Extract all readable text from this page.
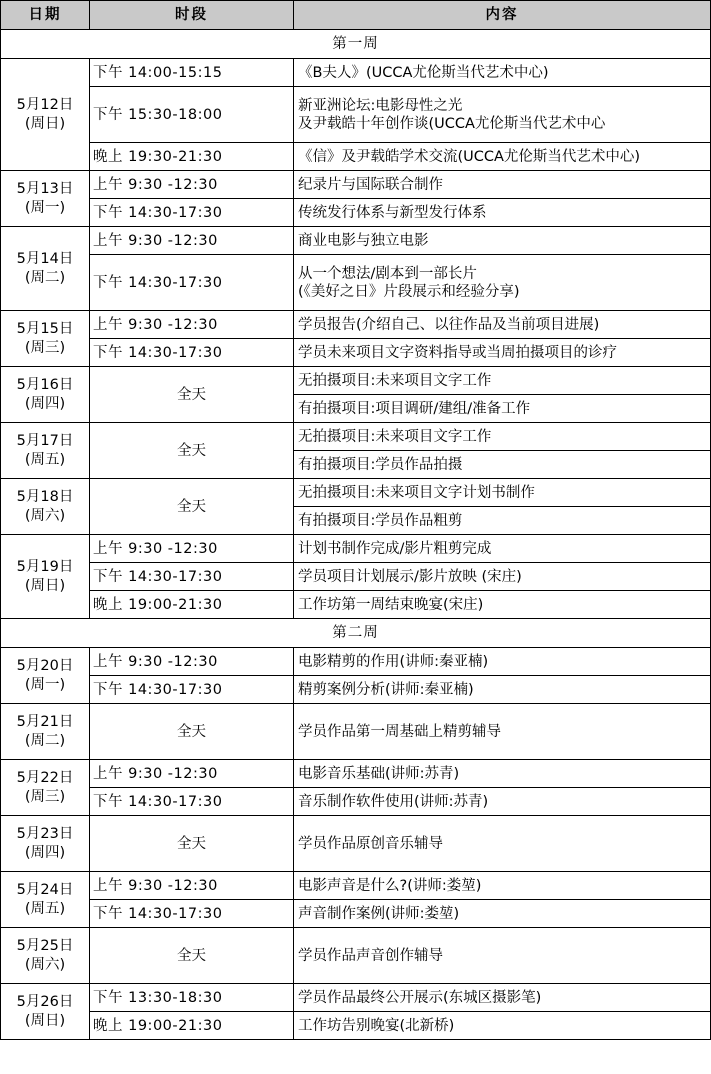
日期	时段	内容
第一周		

5月12日
(周日)	下午 14:00-15:15	《B夫人》(UCCA尤伦斯当代艺术中心)

	下午 15:30-18:00	新亚洲论坛:电影母性之光
及尹载皓十年创作谈(UCCA尤伦斯当代艺术中心

	晚上 19:30-21:30	《信》及尹载皓学术交流(UCCA尤伦斯当代艺术中心)

5月13日
(周一)	上午 9:30 -12:30	纪录片与国际联合制作

	下午 14:30-17:30	传统发行体系与新型发行体系

5月14日
(周二)	上午 9:30 -12:30	商业电影与独立电影

	下午 14:30-17:30	从一个想法/剧本到一部长片
(《美好之日》片段展示和经验分享)

5月15日
(周三)	上午 9:30 -12:30	学员报告(介绍自己、以往作品及当前项目进展)

	下午 14:30-17:30	学员未来项目文字资料指导或当周拍摄项目的诊疗

5月16日
(周四)	全天	无拍摄项目:未来项目文字工作

		有拍摄项目:项目调研/建组/准备工作

5月17日
(周五)	全天	无拍摄项目:未来项目文字工作

		有拍摄项目:学员作品拍摄

5月18日
(周六)	全天	无拍摄项目:未来项目文字计划书制作

		有拍摄项目:学员作品粗剪

5月19日
(周日)	上午 9:30 -12:30	计划书制作完成/影片粗剪完成

	下午 14:30-17:30	学员项目计划展示/影片放映 (宋庄)

	晚上 19:00-21:30	工作坊第一周结束晚宴(宋庄)

第二周		

5月20日
(周一)	上午 9:30 -12:30	电影精剪的作用(讲师:秦亚楠)

	下午 14:30-17:30	精剪案例分析(讲师:秦亚楠)

5月21日
(周二)	全天	学员作品第一周基础上精剪辅导

5月22日
(周三)	上午 9:30 -12:30	电影音乐基础(讲师:苏青)

	下午 14:30-17:30	音乐制作软件使用(讲师:苏青)

5月23日
(周四)	全天	学员作品原创音乐辅导

5月24日
(周五)	上午 9:30 -12:30	电影声音是什么?(讲师:娄堃)

	下午 14:30-17:30	声音制作案例(讲师:娄堃)

5月25日
(周六)	全天	学员作品声音创作辅导

5月26日
(周日)	下午 13:30-18:30	学员作品最终公开展示(东城区摄影笔)

	晚上 19:00-21:30	工作坊告别晚宴(北新桥)
